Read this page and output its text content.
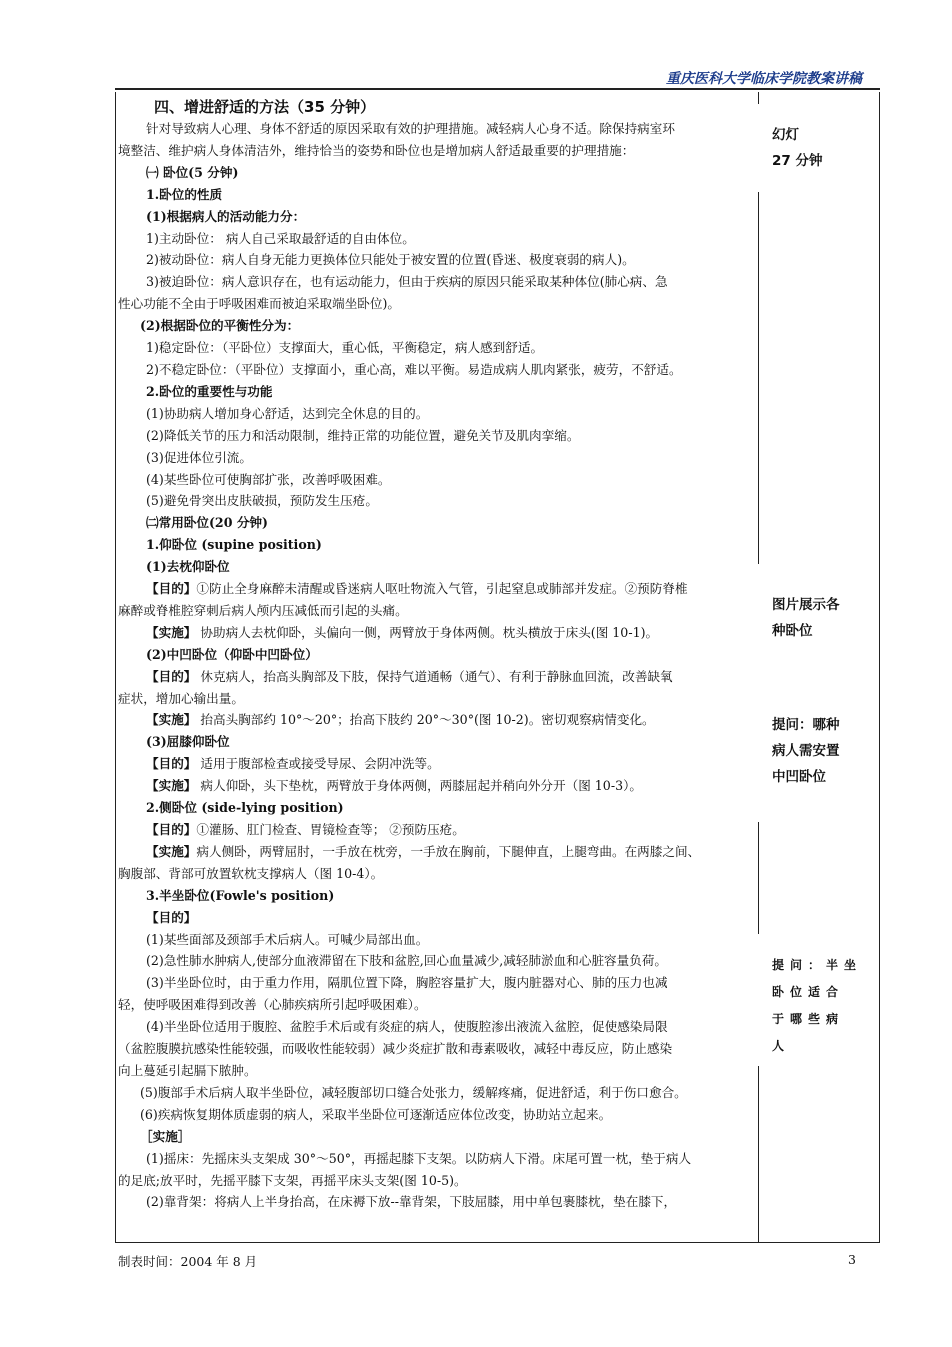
重庆医科大学临床学院教案讲稿

四、增进舒适的方法（35 分钟）

针对导致病人心理、身体不舒适的原因采取有效的护理措施。减轻病人心身不适。除保持病室环

境整洁、维护病人身体清洁外，维持恰当的姿势和卧位也是增加病人舒适最重要的护理措施：

㈠ 卧位(5 分钟)

1.卧位的性质

(1)根据病人的活动能力分：

1)主动卧位： 病人自己采取最舒适的自由体位。

2)被动卧位：病人自身无能力更换体位只能处于被安置的位置(昏迷、极度衰弱的病人)。

3)被迫卧位：病人意识存在，也有运动能力，但由于疾病的原因只能采取某种体位(肺心病、急

性心功能不全由于呼吸困难而被迫采取端坐卧位)。

(2)根据卧位的平衡性分为：

1)稳定卧位：（平卧位）支撑面大，重心低，平衡稳定，病人感到舒适。

2)不稳定卧位：（平卧位）支撑面小，重心高，难以平衡。易造成病人肌肉紧张，疲劳，不舒适。

2.卧位的重要性与功能

(1)协助病人增加身心舒适，达到完全休息的目的。

(2)降低关节的压力和活动限制，维持正常的功能位置，避免关节及肌肉挛缩。

(3)促进体位引流。

(4)某些卧位可使胸部扩张，改善呼吸困难。

(5)避免骨突出皮肤破损，预防发生压疮。

㈡常用卧位(20 分钟)

1.仰卧位 (supine position)

(1)去枕仰卧位

【目的】①防止全身麻醉未清醒或昏迷病人呕吐物流入气管，引起窒息或肺部并发症。②预防脊椎

麻醉或脊椎腔穿刺后病人颅内压减低而引起的头痛。

【实施】 协助病人去枕仰卧，头偏向一侧，两臂放于身体两侧。枕头横放于床头(图 10-1)。

(2)中凹卧位（仰卧中凹卧位）

【目的】 休克病人，抬高头胸部及下肢，保持气道通畅（通气）、有利于静脉血回流，改善缺氧

症状，增加心输出量。

【实施】 抬高头胸部约 10°～20°；抬高下肢约 20°～30°(图 10-2)。密切观察病情变化。

(3)屈膝仰卧位

【目的】 适用于腹部检查或接受导尿、会阴冲洗等。

【实施】 病人仰卧，头下垫枕，两臂放于身体两侧，两膝屈起并稍向外分开（图 10-3）。

2.侧卧位 (side-lying position)

【目的】①灌肠、肛门检查、胃镜检查等； ②预防压疮。

【实施】病人侧卧，两臂屈肘，一手放在枕旁，一手放在胸前，下腿伸直，上腿弯曲。在两膝之间、

胸腹部、背部可放置软枕支撑病人（图 10-4）。

3.半坐卧位(Fowle's position)

【目的】

(1)某些面部及颈部手术后病人。可喊少局部出血。

(2)急性肺水肿病人,使部分血液滞留在下肢和盆腔,回心血量减少,减轻肺淤血和心脏容量负荷。

(3)半坐卧位时，由于重力作用，隔肌位置下降，胸腔容量扩大，腹内脏器对心、肺的压力也减

轻，使呼吸困难得到改善（心肺疾病所引起呼吸困难）。

(4)半坐卧位适用于腹腔、盆腔手术后或有炎症的病人，使腹腔渗出液流入盆腔，促使感染局限

（盆腔腹膜抗感染性能较强，而吸收性能较弱）减少炎症扩散和毒素吸收，减轻中毒反应，防止感染

向上蔓延引起膈下脓肿。

(5)腹部手术后病人取半坐卧位，减轻腹部切口缝合处张力，缓解疼痛，促进舒适，利于伤口愈合。

(6)疾病恢复期体质虚弱的病人，采取半坐卧位可逐渐适应体位改变，协助站立起来。

［实施］

(1)摇床：先摇床头支架成 30°～50°，再摇起膝下支架。以防病人下滑。床尾可置一枕，垫于病人

的足底;放平时，先摇平膝下支架，再摇平床头支架(图 10-5)。

(2)靠背架：将病人上半身抬高，在床褥下放--靠背架，下肢屈膝，用中单包裹膝枕，垫在膝下，

幻灯
27 分钟
图片展示各
种卧位
提问：哪种
病人需安置
中凹卧位
提问：半坐
卧位适合
于哪些病
人
制表时间：2004 年 8 月	3
